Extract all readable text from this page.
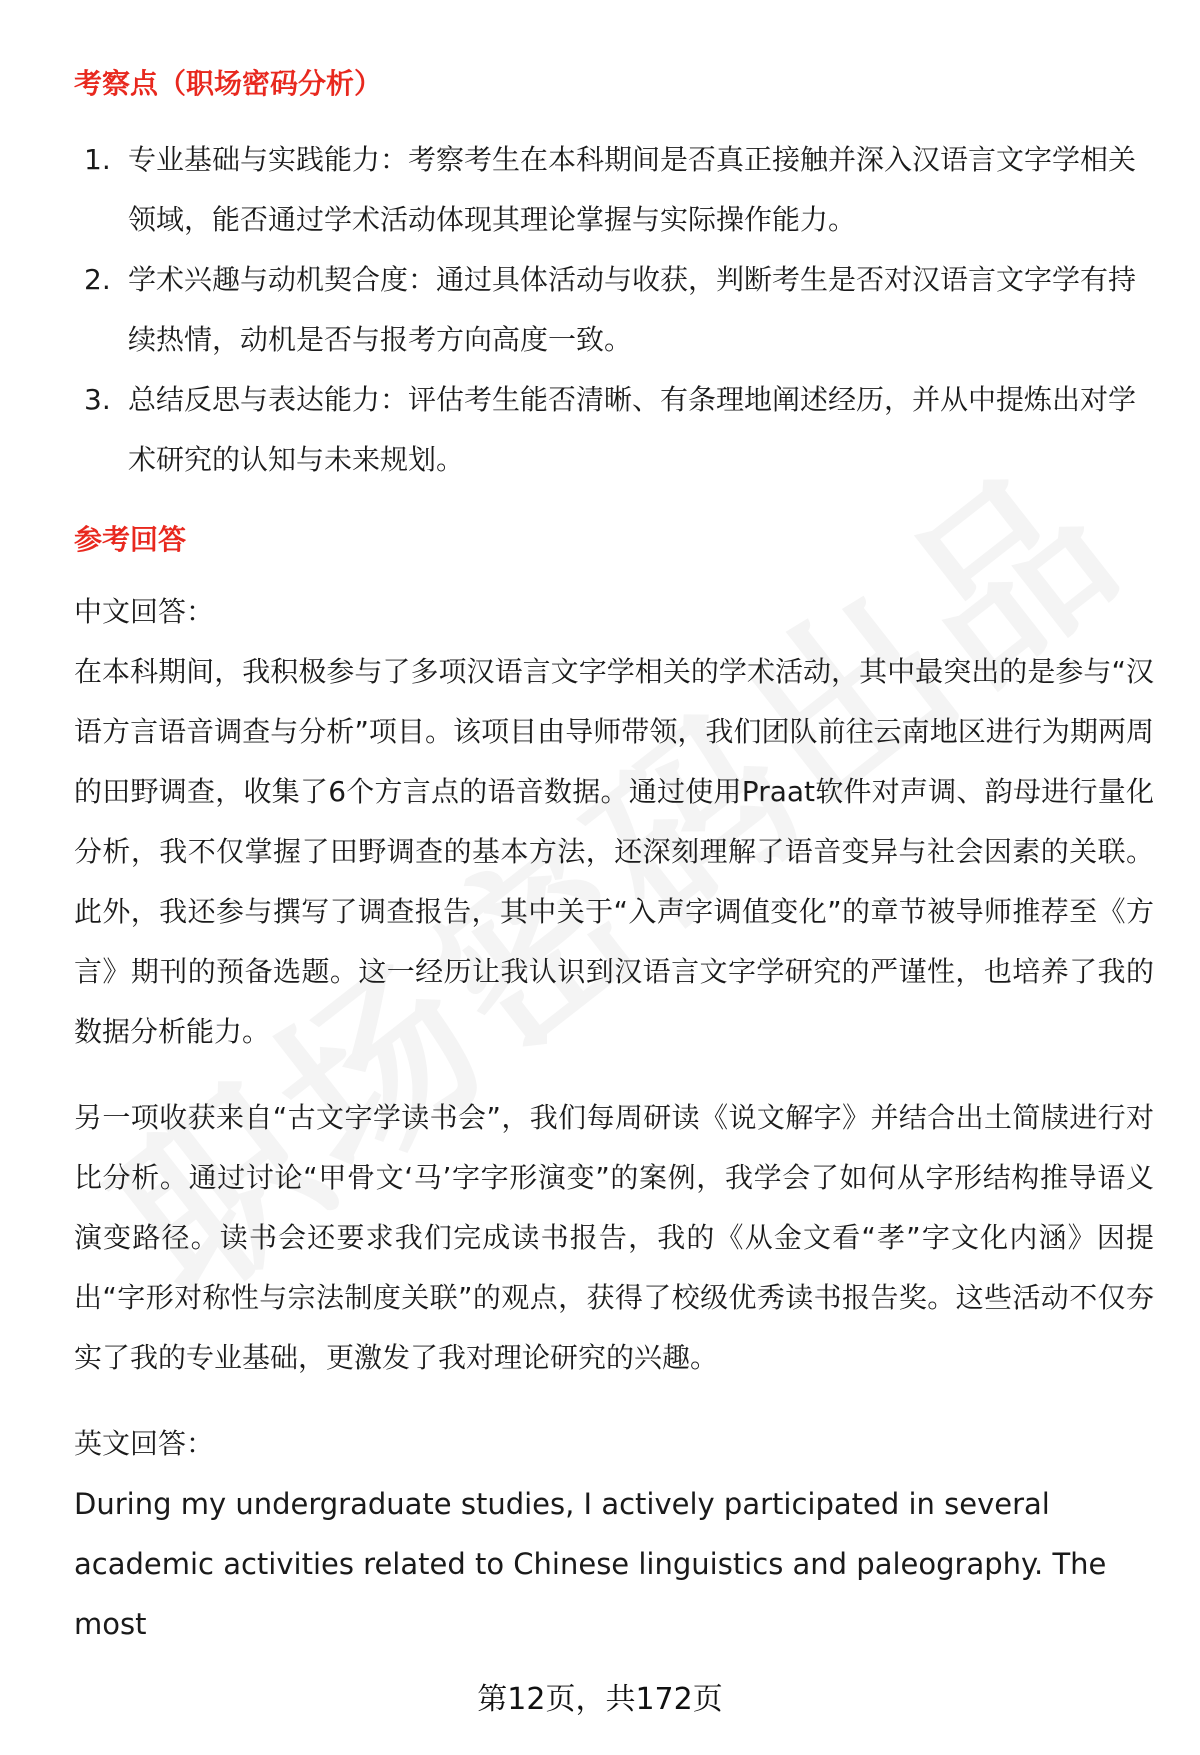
考察点（职场密码分析）
1. 专业基础与实践能力：考察考生在本科期间是否真正接触并深入汉语言文字学相关领域，能否通过学术活动体现其理论掌握与实际操作能力。
2. 学术兴趣与动机契合度：通过具体活动与收获，判断考生是否对汉语言文字学有持续热情，动机是否与报考方向高度一致。
3. 总结反思与表达能力：评估考生能否清晰、有条理地阐述经历，并从中提炼出对学术研究的认知与未来规划。
参考回答

中文回答：

在本科期间，我积极参与了多项汉语言文字学相关的学术活动，其中最突出的是参与“汉语方言语音调查与分析”项目。该项目由导师带领，我们团队前往云南地区进行为期两周的田野调查，收集了6个方言点的语音数据。通过使用Praat软件对声调、韵母进行量化分析，我不仅掌握了田野调查的基本方法，还深刻理解了语音变异与社会因素的关联。此外，我还参与撰写了调查报告，其中关于“入声字调值变化”的章节被导师推荐至《方言》期刊的预备选题。这一经历让我认识到汉语言文字学研究的严谨性，也培养了我的数据分析能力。

另一项收获来自“古文字学读书会”，我们每周研读《说文解字》并结合出土简牍进行对比分析。通过讨论“甲骨文‘马’字字形演变”的案例，我学会了如何从字形结构推导语义演变路径。读书会还要求我们完成读书报告，我的《从金文看“孝”字文化内涵》因提出“字形对称性与宗法制度关联”的观点，获得了校级优秀读书报告奖。这些活动不仅夯实了我的专业基础，更激发了我对理论研究的兴趣。

英文回答：

During my undergraduate studies, I actively participated in several academic activities related to Chinese linguistics and paleography. The most

第12页，共172页
